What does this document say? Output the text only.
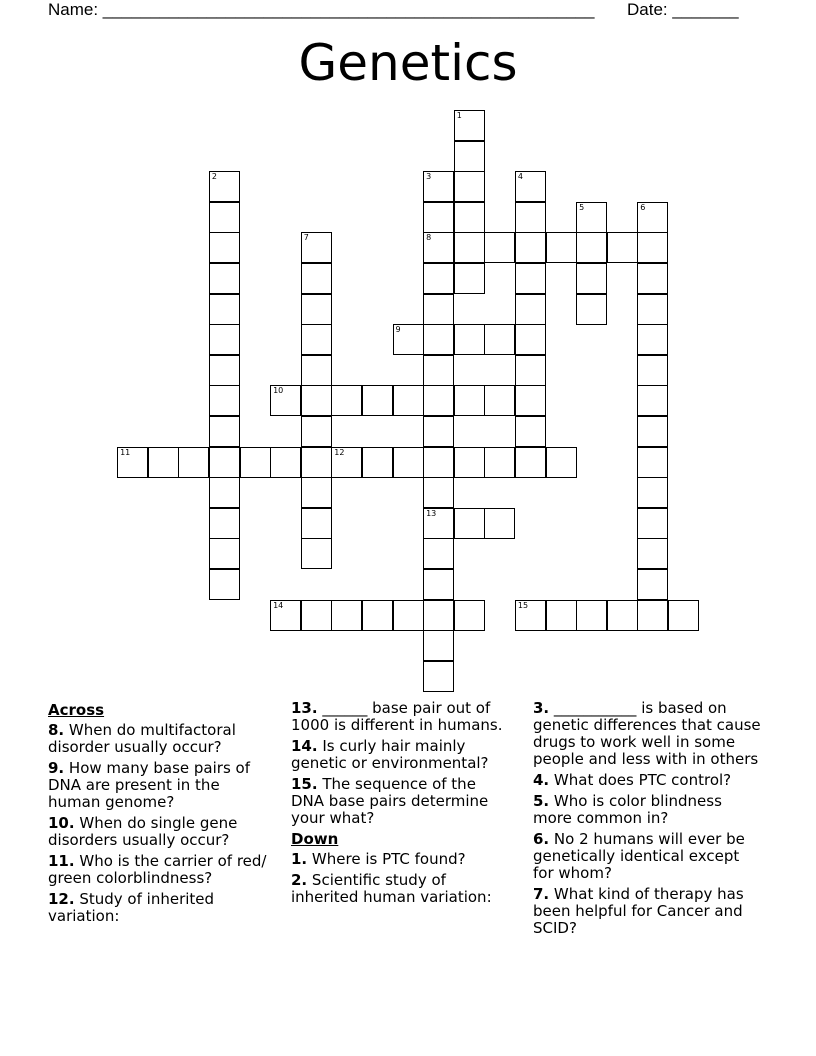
Name: ____________________________________________________ Date: _______
Genetics
1
2	3
8
13
4
5	6
7
9
10
11	12
14	15
Across
8. When do multifactoral disorder usually occur?
9. How many base pairs of DNA are present in the human genome?
10. When do single gene disorders usually occur?
11. Who is the carrier of red/ green colorblindness?
12. Study of inherited variation:
13. ______ base pair out of 1000 is different in humans.
14. Is curly hair mainly genetic or environmental?
15. The sequence of the DNA base pairs determine your what?
Down
1. Where is PTC found?
2. Scientific study of inherited human variation:
3. ___________ is based on genetic differences that cause drugs to work well in some people and less with in others
4. What does PTC control?
5. Who is color blindness more common in?
6. No 2 humans will ever be genetically identical except for whom?
7. What kind of therapy has been helpful for Cancer and SCID?
